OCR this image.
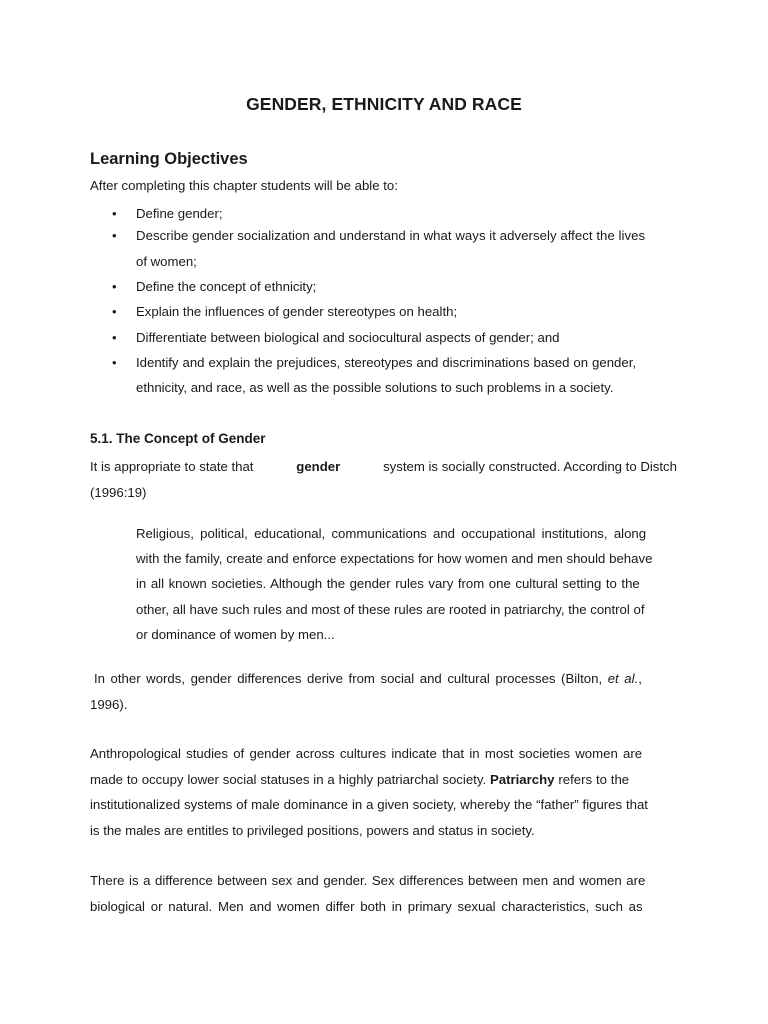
GENDER, ETHNICITY AND RACE
Learning Objectives
After completing this chapter students will be able to:
• Define gender;
• Describe gender socialization and understand in what ways it adversely affect the lives
of women;
• Define the concept of ethnicity;
• Explain the influences of gender stereotypes on health;
• Differentiate between biological and sociocultural aspects of gender; and
• Identify and explain the prejudices, stereotypes and discriminations based on gender,
ethnicity, and race, as well as the possible solutions to such problems in a society.
5.1. The Concept of Gender
It is appropriate to state that	gender	system is socially constructed. According to Distch
(1996:19)
Religious, political, educational, communications and occupational institutions, along
with the family, create and enforce expectations for how women and men should behave
in all known societies. Although the gender rules vary from one cultural setting to the
other, all have such rules and most of these rules are rooted in patriarchy, the control of
or dominance of women by men...
In other words, gender differences derive from social and cultural processes (Bilton, et al.,
1996).
Anthropological studies of gender across cultures indicate that in most societies women are
made to occupy lower social statuses in a highly patriarchal society. Patriarchy refers to the
institutionalized systems of male dominance in a given society, whereby the “father” figures that
is the males are entitles to privileged positions, powers and status in society.
There is a difference between sex and gender. Sex differences between men and women are
biological or natural. Men and women differ both in primary sexual characteristics, such as
